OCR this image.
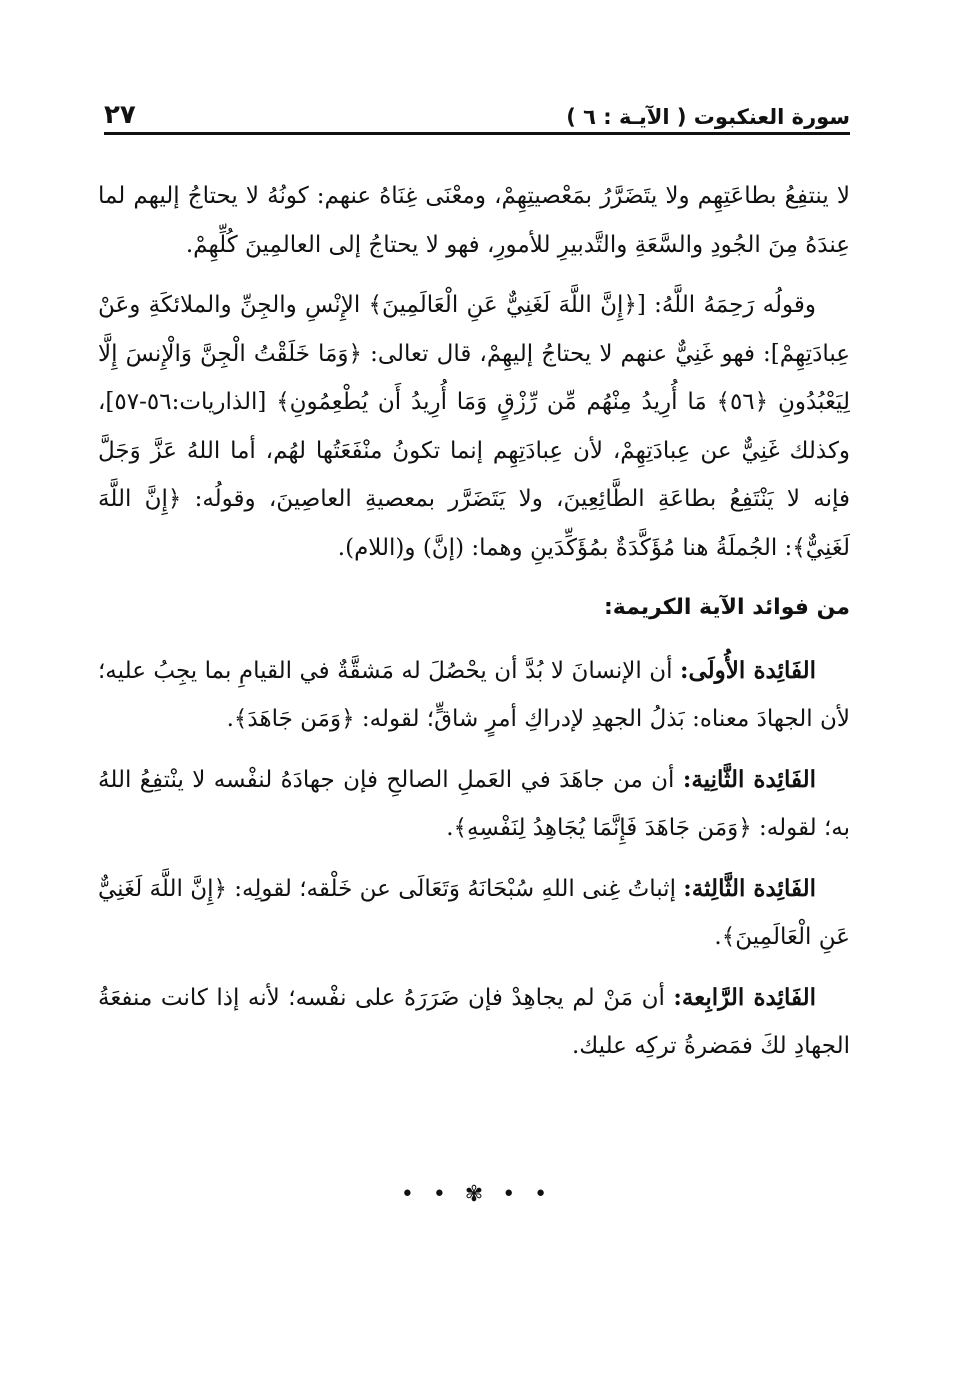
سورة العنكبوت ( الآيـة : ٦ )
٢٧

لا ينتفِعُ بطاعَتِهِم ولا يتَضَرَّرُ بمَعْصيتِهِمْ، ومعْنَى غِنَاهُ عنهم: كونُهُ لا يحتاجُ إليهم لما عِندَهُ مِنَ الجُودِ والسَّعَةِ والتَّدبيرِ للأمورِ، فهو لا يحتاجُ إلى العالمِينَ كُلِّهِمْ.

وقولُه رَحِمَهُ اللَّهُ: [﴿إِنَّ اللَّهَ لَغَنِيٌّ عَنِ الْعَالَمِينَ﴾ الإِنْسِ والجِنِّ والملائكَةِ وعَنْ عِبادَتِهِمْ]: فهو غَنِيٌّ عنهم لا يحتاجُ إليهِمْ، قال تعالى: ﴿وَمَا خَلَقْتُ الْجِنَّ وَالْإِنسَ إِلَّا لِيَعْبُدُونِ ﴿٥٦﴾ مَا أُرِيدُ مِنْهُم مِّن رِّزْقٍ وَمَا أُرِيدُ أَن يُطْعِمُونِ﴾ [الذاريات:٥٦-٥٧]، وكذلك غَنِيٌّ عن عِبادَتِهِمْ، لأن عِبادَتِهِم إنما تكونُ منْفَعَتُها لهُم، أما اللهُ عَزَّ وَجَلَّ فإنه لا يَنْتَفِعُ بطاعَةِ الطَّائِعِينَ، ولا يَتَضَرَّر بمعصيةِ العاصِينَ، وقولُه: ﴿إِنَّ اللَّهَ لَغَنِيٌّ﴾: الجُملَةُ هنا مُؤَكَّدَةٌ بمُؤَكِّدَينِ وهما: (إنَّ) و(اللام).

من فوائد الآية الكريمة:

الفَائِدة الأُولَى: أن الإنسانَ لا بُدَّ أن يحْصُلَ له مَشقَّةٌ في القيامِ بما يجِبُ عليه؛ لأن الجهادَ معناه: بَذلُ الجهدِ لإدراكِ أمرٍ شاقٍّ؛ لقوله: ﴿وَمَن جَاهَدَ﴾.

الفَائِدة الثَّانِية: أن من جاهَدَ في العَملِ الصالحِ فإن جهادَهُ لنفْسه لا ينْتفِعُ اللهُ به؛ لقوله: ﴿وَمَن جَاهَدَ فَإِنَّمَا يُجَاهِدُ لِنَفْسِهِ﴾.

الفَائِدة الثَّالِثة: إثباتُ غِنى اللهِ سُبْحَانَهُ وَتَعَالَى عن خَلْقه؛ لقولِه: ﴿إِنَّ اللَّهَ لَغَنِيٌّ عَنِ الْعَالَمِينَ﴾.

الفَائِدة الرَّابِعة: أن مَنْ لم يجاهِدْ فإن ضَرَرَهُ على نفْسه؛ لأنه إذا كانت منفعَةُ الجهادِ لكَ فمَضرةُ تركِه عليك.

• • ✾ • •
